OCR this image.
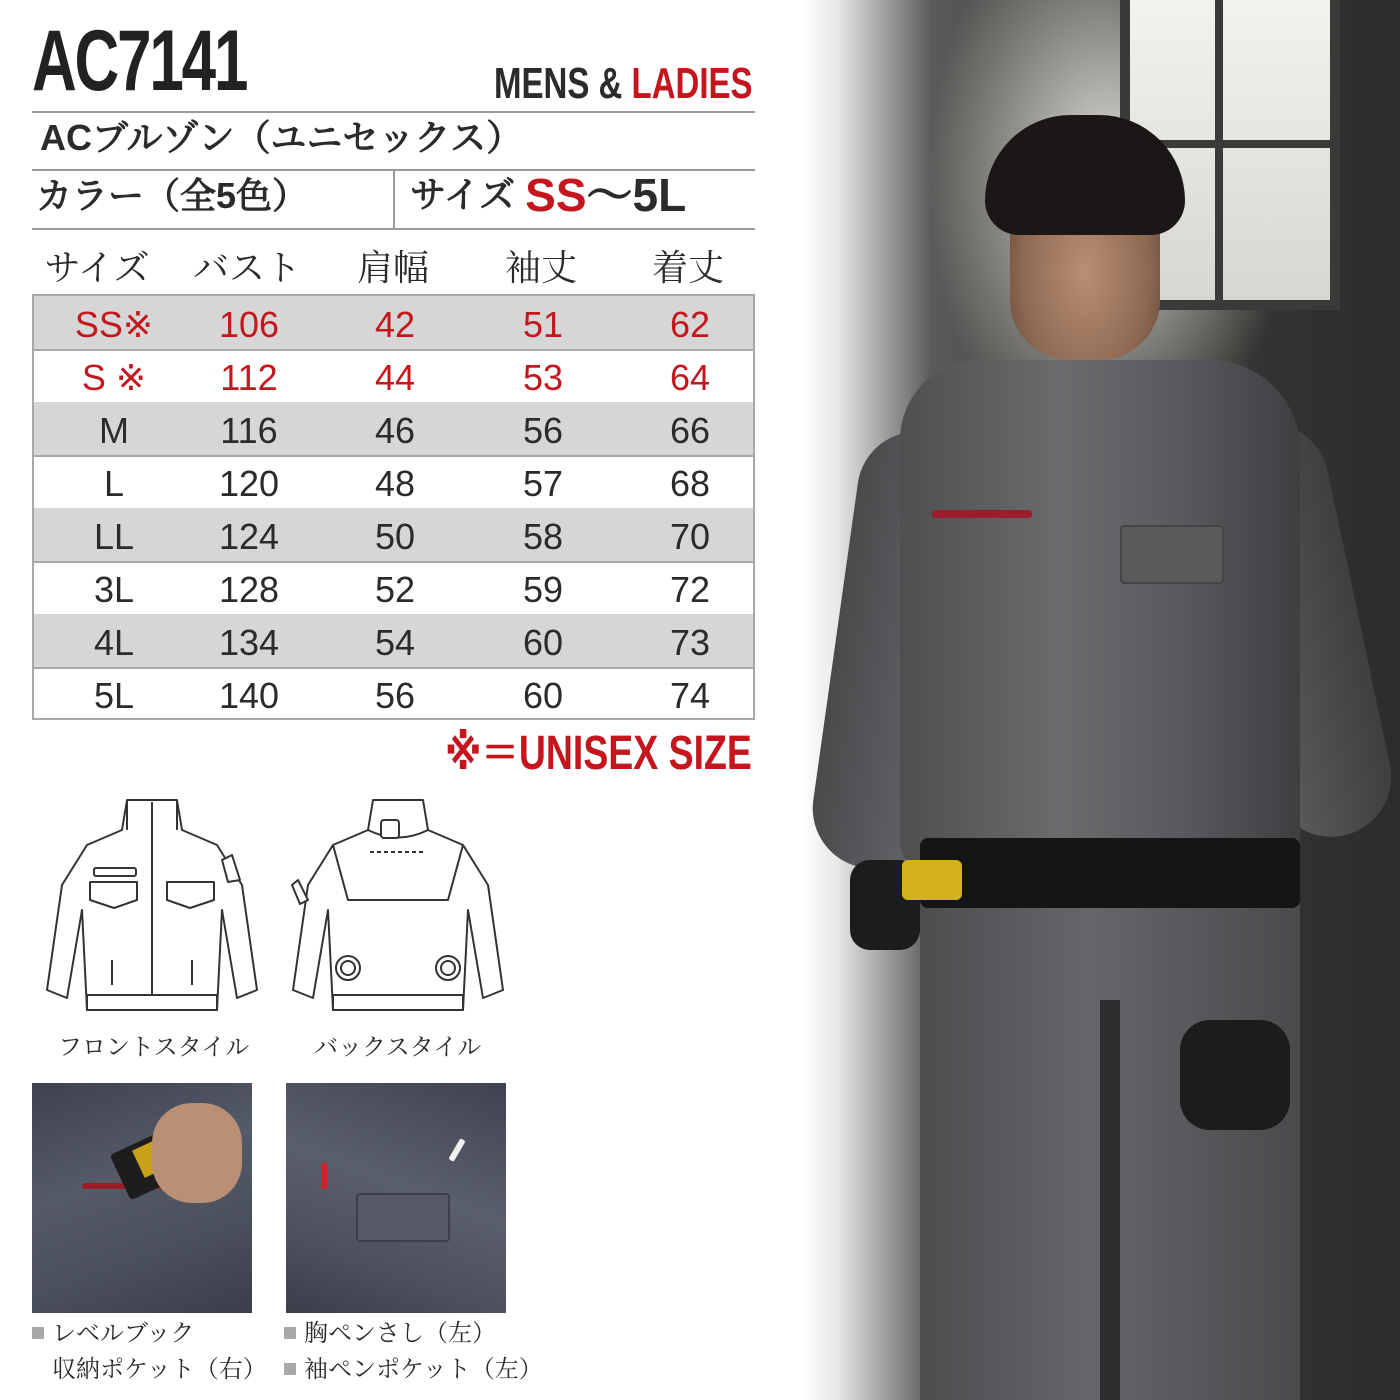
AC7141	MENS & LADIES
ACブルゾン（ユニセックス）
カラー（全5色）	サイズ SS〜5L
サイズ	バスト	肩幅	袖丈	着丈
SS※	106	42	51	62
S ※	112	44	53	64
M	116	46	56	66
L	120	48	57	68
LL	124	50	58	70
3L	128	52	59	72
4L	134	54	60	73
5L	140	56	60	74
※＝UNISEX SIZE
フロントスタイル	バックスタイル
レベルブック
収納ポケット（右）
胸ペンさし（左）
袖ペンポケット（左）
